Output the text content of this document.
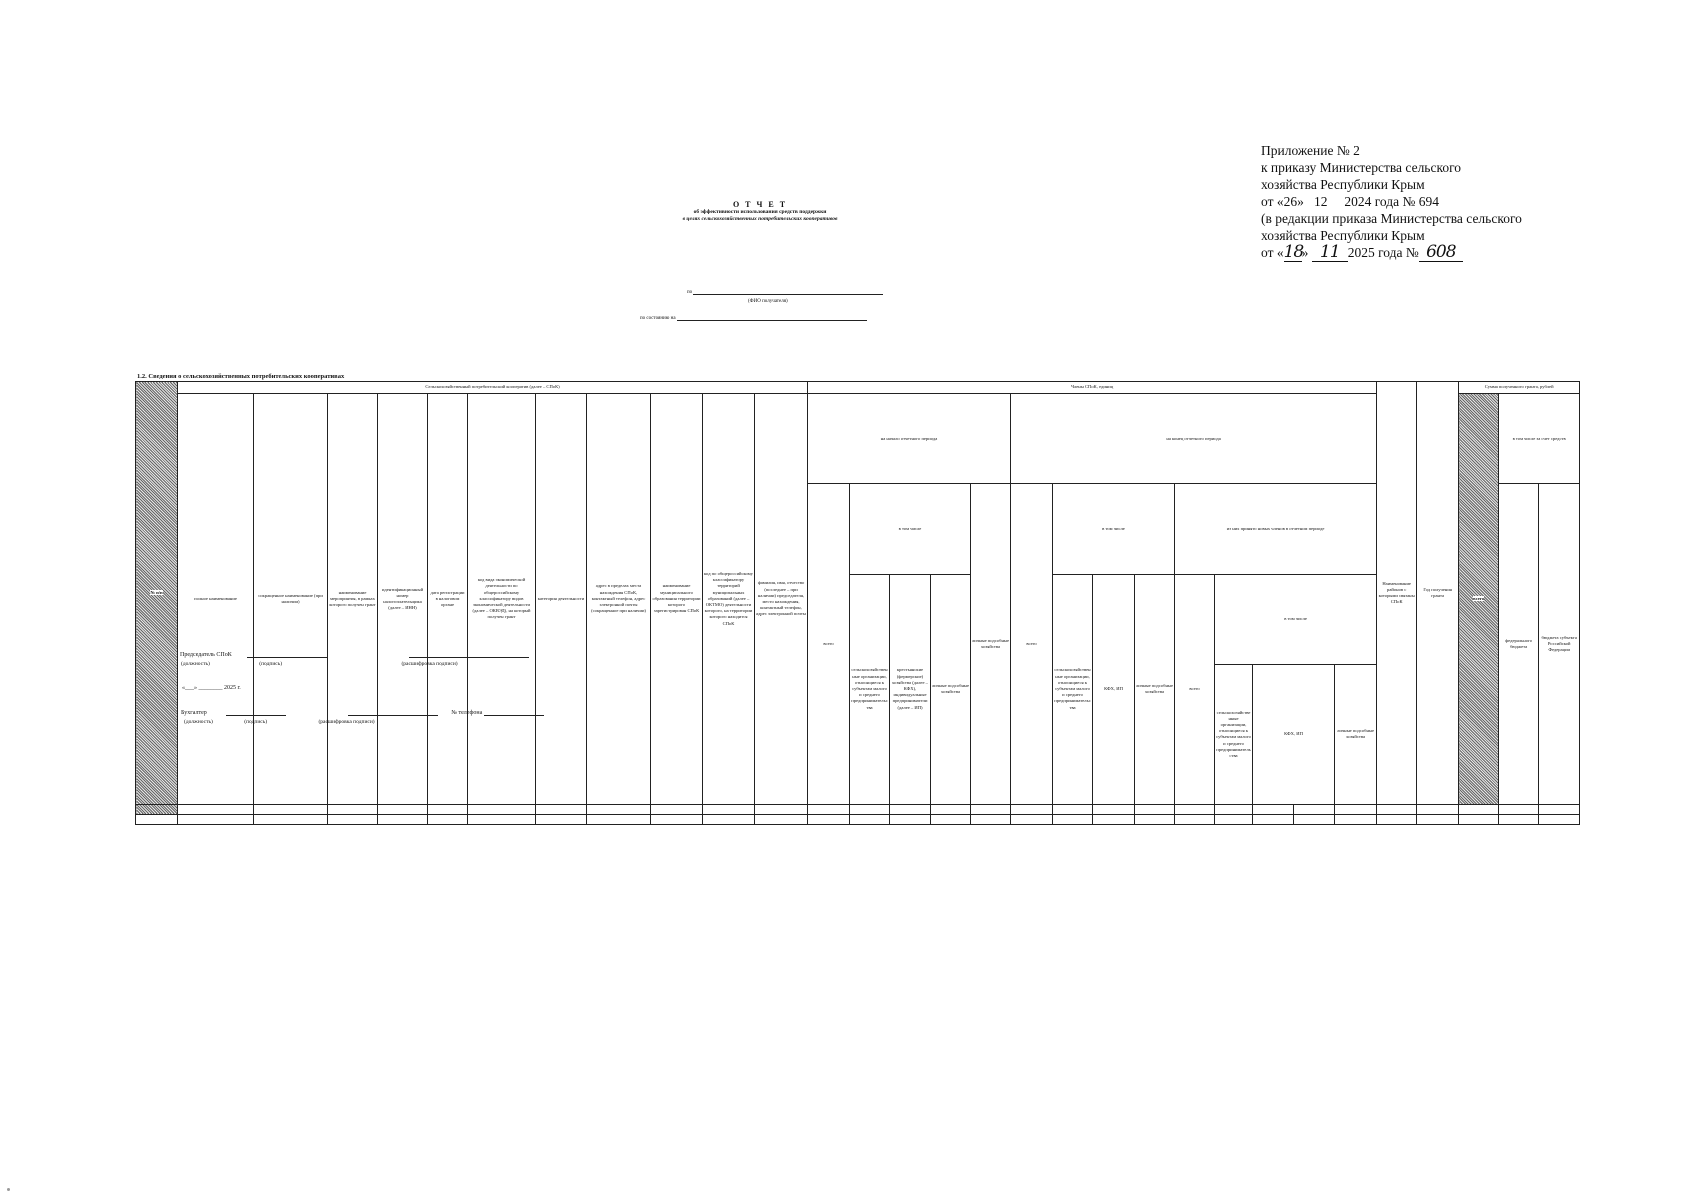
Приложение № 2
к приказу Министерства сельского
хозяйства Республики Крым
от «26» 12 2024 года № 694
(в редакции приказа Министерства сельского
хозяйства Республики Крым
от «18» 11 2025 года № 608
О Т Ч Е Т
об эффективности использования средств поддержки
в целях сельскохозяйственных потребительских кооперативов
по
(ФИО получателя)
по состоянию на
1.2. Сведения о сельскохозяйственных потребительских кооперативах
№ п/п	Сельскохозяйственный потребительский кооператив (далее – СПоК)											Члены СПоК, единиц														Наименование районов с которыми связаны СПоК	Год получения гранта	Сумма полученного гранта, рублей	
	полное наименование	сокращенное наименование (при наличии)	наименование мероприятия, в рамках которого получен грант	идентификационный номер налогоплательщика (далее – ИНН)	дата регистрации в налоговом органе	код вида экономической деятельности по общероссийскому классификатору видов экономической деятельности (далее – ОКВЭД), на который получен грант	категория деятельности	адрес в пределах места нахождения СПоК, контактный телефон, адрес электронной почты (сокращенное при наличии)	наименование муниципального образования территории которого зарегистрирован СПоК	код по общероссийскому классификатору территорий муниципальных образований (далее – ОКТМО) деятельности которого, на территории которого находится СПоК	фамилия, имя, отчество (последнее – при наличии) председателя, место нахождения, контактный телефон, адрес электронной почты	на начало отчетного периода					на конец отчетного периода											всего	в том числе за счет средств		
												всего	в том числе			личные подсобные хозяйства	всего	в том числе			из них принято новых членов в отчетном периоде								федерального бюджета	бюджета субъекта Российской Федерации	
													сельскохозяйственные организации, относящиеся к субъектам малого и среднего предпринимательства	крестьянские (фермерские) хозяйства (далее – КФХ), индивидуальные предприниматели (далее – ИП)	личные подсобные хозяйства			сельскохозяйственные организации, относящиеся к субъектам малого и среднего предпринимательства	КФХ, ИП	личные подсобные хозяйства	всего	в том числе									
																						сельскохозяйственные организации, относящиеся к субъектам малого и среднего предпринимательства	КФХ, ИП		личные подсобные хозяйства						

Председатель СПоК
(должность)	(подпись)	(расшифровка подписи)
«___» ________ 2025 г.
Бухгалтер	№ телефона
(должность)	(подпись)	(расшифровка подписи)
